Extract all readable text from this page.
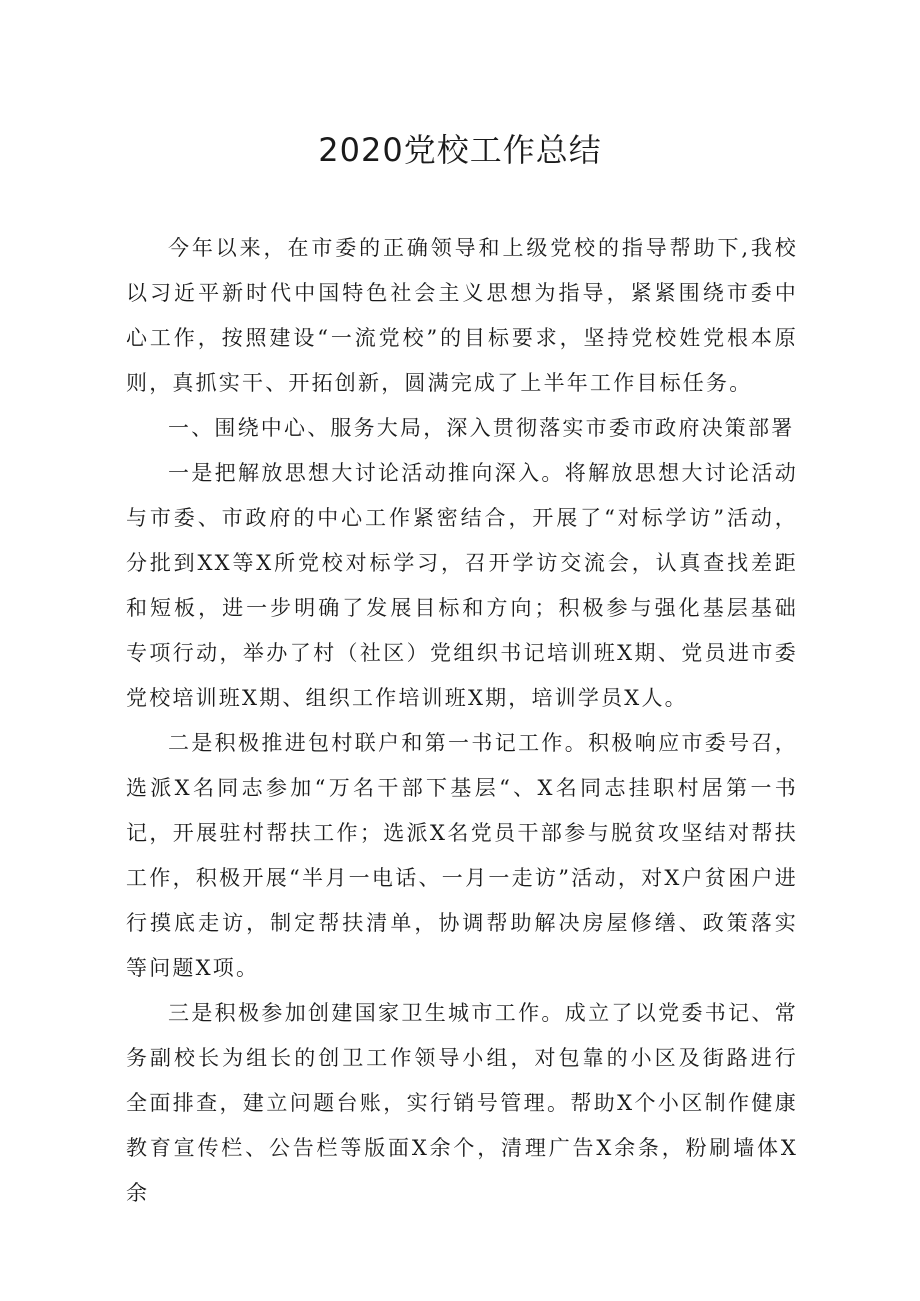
2020党校工作总结

今年以来，在市委的正确领导和上级党校的指导帮助下,我校以习近平新时代中国特色社会主义思想为指导，紧紧围绕市委中心工作，按照建设“一流党校”的目标要求，坚持党校姓党根本原则，真抓实干、开拓创新，圆满完成了上半年工作目标任务。

一、围绕中心、服务大局，深入贯彻落实市委市政府决策部署

一是把解放思想大讨论活动推向深入。将解放思想大讨论活动与市委、市政府的中心工作紧密结合，开展了“对标学访”活动，分批到XX等X所党校对标学习，召开学访交流会，认真查找差距和短板，进一步明确了发展目标和方向；积极参与强化基层基础专项行动，举办了村（社区）党组织书记培训班X期、党员进市委党校培训班X期、组织工作培训班X期，培训学员X人。

二是积极推进包村联户和第一书记工作。积极响应市委号召，选派X名同志参加“万名干部下基层“、X名同志挂职村居第一书记，开展驻村帮扶工作；选派X名党员干部参与脱贫攻坚结对帮扶工作，积极开展“半月一电话、一月一走访”活动，对X户贫困户进行摸底走访，制定帮扶清单，协调帮助解决房屋修缮、政策落实等问题X项。

三是积极参加创建国家卫生城市工作。成立了以党委书记、常务副校长为组长的创卫工作领导小组，对包靠的小区及街路进行全面排查，建立问题台账，实行销号管理。帮助X个小区制作健康教育宣传栏、公告栏等版面X余个，清理广告X余条，粉刷墙体X余
